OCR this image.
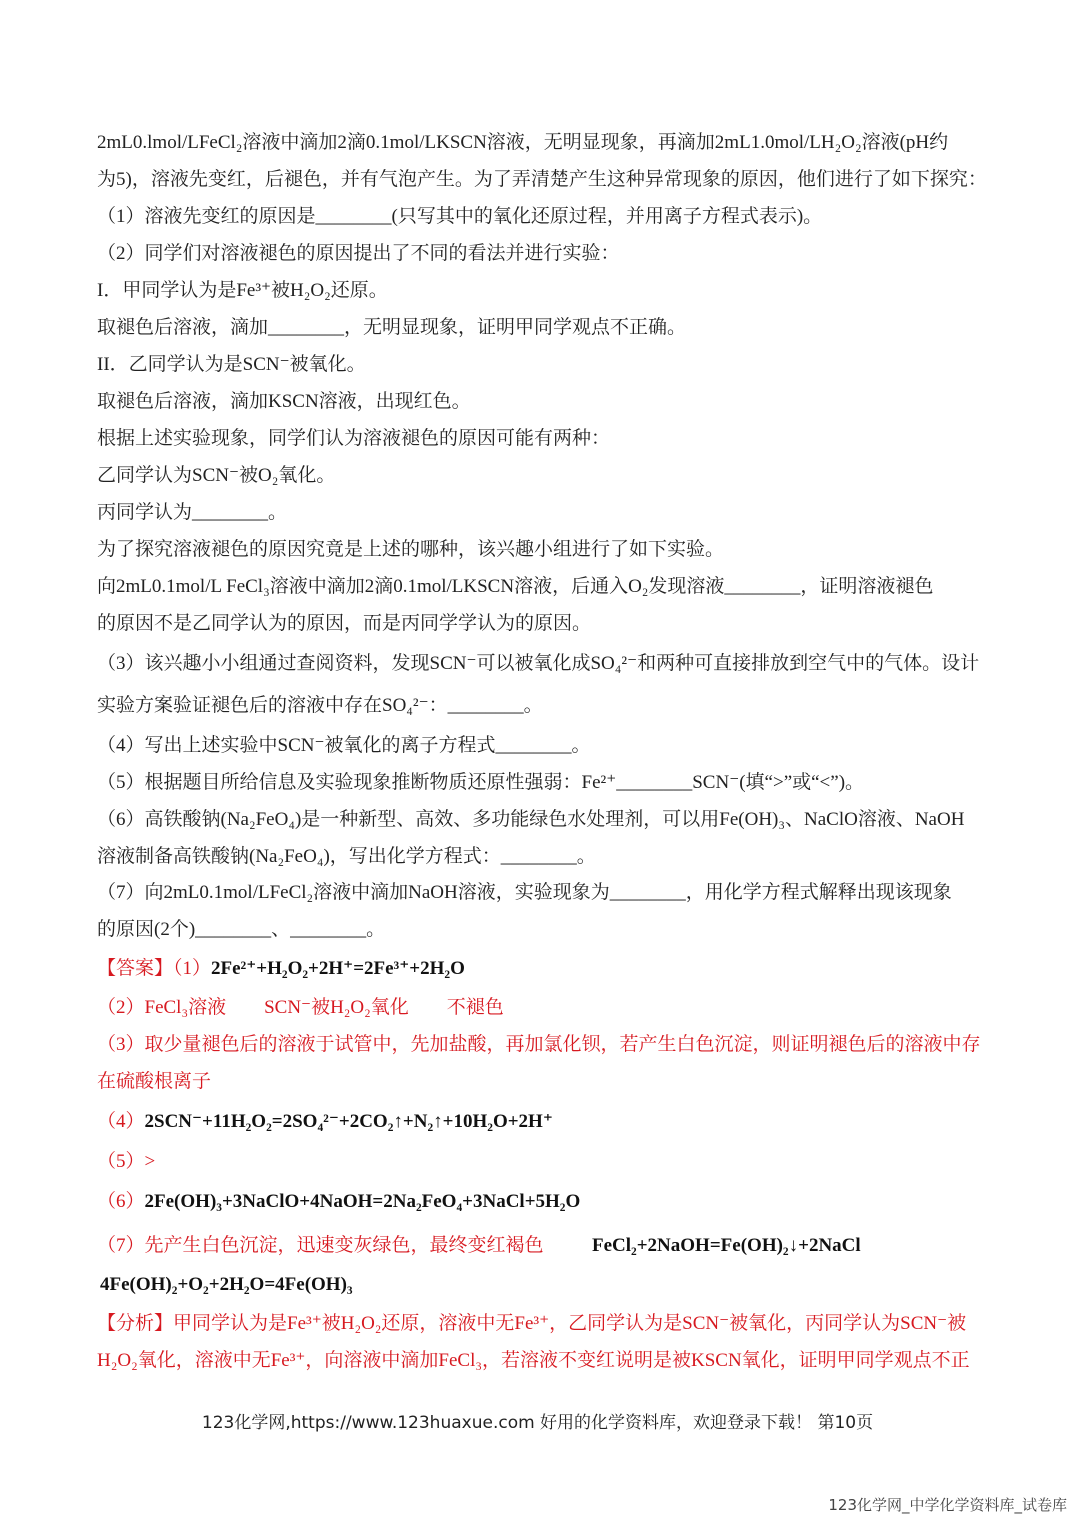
2mL0.lmol/LFeCl₂溶液中滴加2滴0.1mol/LKSCN溶液，无明显现象，再滴加2mL1.0mol/LH₂O₂溶液(pH约
为5)，溶液先变红，后褪色，并有气泡产生。为了弄清楚产生这种异常现象的原因，他们进行了如下探究：
（1）溶液先变红的原因是________(只写其中的氧化还原过程，并用离子方程式表示)。
（2）同学们对溶液褪色的原因提出了不同的看法并进行实验：
I．甲同学认为是Fe³⁺被H₂O₂还原。
取褪色后溶液，滴加________，无明显现象，证明甲同学观点不正确。
II．乙同学认为是SCN⁻被氧化。
取褪色后溶液，滴加KSCN溶液，出现红色。
根据上述实验现象，同学们认为溶液褪色的原因可能有两种：
乙同学认为SCN⁻被O₂氧化。
丙同学认为________。
为了探究溶液褪色的原因究竟是上述的哪种，该兴趣小组进行了如下实验。
向2mL0.1mol/L FeCl₃溶液中滴加2滴0.1mol/LKSCN溶液，后通入O₂发现溶液________，证明溶液褪色
的原因不是乙同学认为的原因，而是丙同学学认为的原因。
（3）该兴趣小小组通过查阅资料，发现SCN⁻可以被氧化成SO₄²⁻和两种可直接排放到空气中的气体。设计
实验方案验证褪色后的溶液中存在SO₄²⁻：________。
（4）写出上述实验中SCN⁻被氧化的离子方程式________。
（5）根据题目所给信息及实验现象推断物质还原性强弱：Fe²⁺________SCN⁻(填“>”或“<”)。
（6）高铁酸钠(Na₂FeO₄)是一种新型、高效、多功能绿色水处理剂，可以用Fe(OH)₃、NaClO溶液、NaOH
溶液制备高铁酸钠(Na₂FeO₄)，写出化学方程式：________。
（7）向2mL0.1mol/LFeCl₂溶液中滴加NaOH溶液，实验现象为________，用化学方程式解释出现该现象
的原因(2个)________、________。
【答案】（1）2Fe²⁺+H₂O₂+2H⁺=2Fe³⁺+2H₂O
（2）FeCl₃溶液　　SCN⁻被H₂O₂氧化　　不褪色
（3）取少量褪色后的溶液于试管中，先加盐酸，再加氯化钡，若产生白色沉淀，则证明褪色后的溶液中存
在硫酸根离子
（4）2SCN⁻+11H₂O₂=2SO₄²⁻+2CO₂↑+N₂↑+10H₂O+2H⁺
（5）>
（6）2Fe(OH)₃+3NaClO+4NaOH=2Na₂FeO₄+3NaCl+5H₂O
（7）先产生白色沉淀，迅速变灰绿色，最终变红褐色	FeCl₂+2NaOH=Fe(OH)₂↓+2NaCl
4Fe(OH)₂+O₂+2H₂O=4Fe(OH)₃
【分析】甲同学认为是Fe³⁺被H₂O₂还原，溶液中无Fe³⁺，乙同学认为是SCN⁻被氧化，丙同学认为SCN⁻被
H₂O₂氧化，溶液中无Fe³⁺，向溶液中滴加FeCl₃，若溶液不变红说明是被KSCN氧化，证明甲同学观点不正
123化学网,https://www.123huaxue.com 好用的化学资料库，欢迎登录下载！ 第10页
123化学网_中学化学资料库_试卷库
